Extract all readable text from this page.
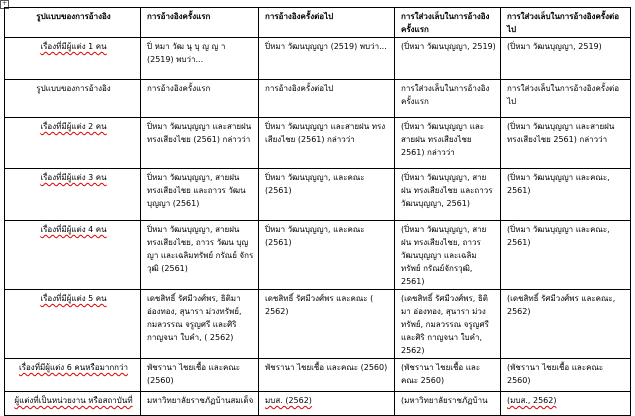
+
รูปแบบของการอ้างอิง	การอ้างอิงครั้งแรก	การอ้างอิงครั้งต่อไป	การใส่วงเล็บในการอ้างอิงครั้งแรก	การใส่วงเล็บในการอ้างอิงครั้งต่อไป
เรื่องที่มีผู้แต่ง 1 คน	ปิ่ หมา วัฒ นุ บุ ญ ญ า (2519) พบว่า...	ปิ่หมา วัฒนบุญญา (2519) พบว่า...	(ปิ่หมา วัฒนบุญญา, 2519)	(ปิ่หมา วัฒนบุญญา, 2519)
รูปแบบของการอ้างอิง	การอ้างอิงครั้งแรก	การอ้างอิงครั้งต่อไป	การใส่วงเล็บในการอ้างอิงครั้งแรก	การใส่วงเล็บในการอ้างอิงครั้งต่อไป
เรื่องที่มีผู้แต่ง 2 คน	ปิ่หมา วัฒนบุญญา และสายฝน ทรงเสียงไชย (2561) กล่าวว่า	ปิ่หมา วัฒนบุญญา และสายฝน ทรงเสียงไชย (2561) กล่าวว่า	(ปิ่หมา วัฒนบุญญา และ สายฝน ทรงเสียงไชย 2561) กล่าวว่า	(ปิ่หมา วัฒนบุญญา และสายฝน ทรงเสียงไชย 2561) กล่าวว่า
เรื่องที่มีผู้แต่ง 3 คน	ปิ่หมา วัฒนบุญญา, สายฝน ทรงเสียงไชย และถาวร วัฒน บุญญา (2561)	ปิ่หมา วัฒนบุญญา, และคณะ (2561)	(ปิ่หมา วัฒนบุญญา, สายฝน ทรงเสียงไชย และถาวร วัฒนบุญญา, 2561)	(ปิ่หมา วัฒนบุญญา และคณะ, 2561)
เรื่องที่มีผู้แต่ง 4 คน	ปิ่หมา วัฒนบุญญา, สายฝน ทรงเสียงไชย, ถาวร วัฒน บุญญา และเฉลิมทรัพย์ กรัณย์ จักรวุฒิ (2561)	ปิ่หมา วัฒนบุญญา, และคณะ (2561)	(ปิ่หมา วัฒนบุญญา, สายฝน ทรงเสียงไชย, ถาวร วัฒนบุญญา และเฉลิมทรัพย์ กรัณย์จักรวุฒิ, 2561)	(ปิ่หมา วัฒนบุญญา และคณะ, 2561)
เรื่องที่มีผู้แต่ง 5 คน	เดชสิทธิ์ รัศมีวงศ์พร, ธิติมา อ่องทอง, สุนารา ม่วงทรัพย์, กมลวรรณ จรูญศรี และศิริ กาญจนา ใบคำ, ( 2562)	เดชสิทธิ์ รัศมีวงศ์พร และคณะ ( 2562)	(เดชสิทธิ์ รัศมีวงศ์พร, ธิติมา อ่องทอง, สุนารา ม่วงทรัพย์, กมลวรรณ จรูญศรี และศิริ กาญจนา ใบคำ, 2562)	(เดชสิทธิ์ รัศมีวงศ์พร และคณะ, 2562)
เรื่องที่มีผู้แต่ง 6 คนหรือมากกว่า	พัชรานา ไชยเชื้อ และคณะ (2560)	พัชรานา ไชยเชื้อ และคณะ (2560)	(พัชรานา ไชยเชื้อ และคณะ 2560)	(พัชรานา ไชยเชื้อ และคณะ 2560)
ผู้แต่งที่เป็นหน่วยงาน หรือสถาบันที่	มหาวิทยาลัยราชภัฏบ้านสมเด็จ	มบส. (2562)	(มหาวิทยาลัยราชภัฏบ้าน	(มบส., 2562)
